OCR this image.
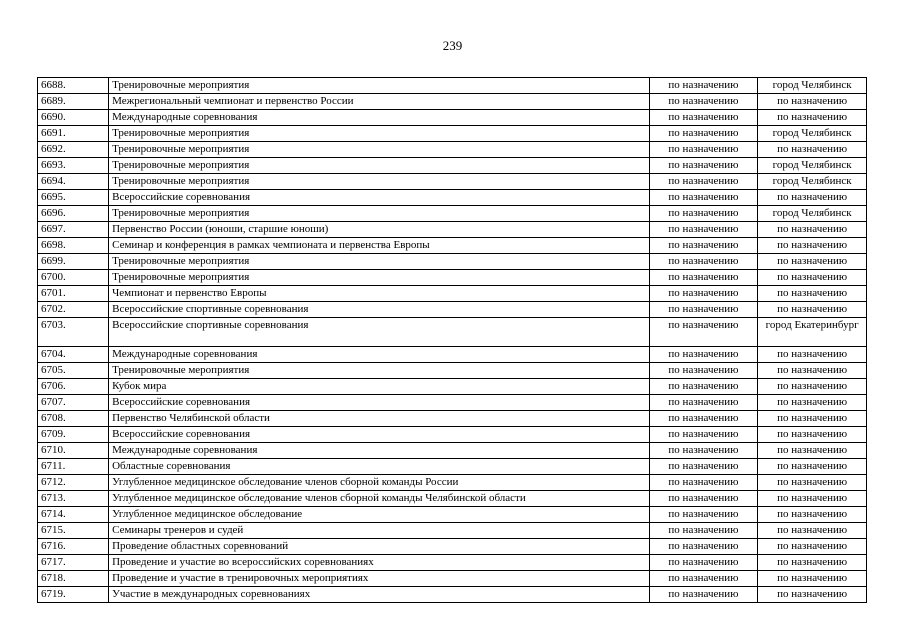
239
6688.	Тренировочные мероприятия	по назначению	город Челябинск
6689.	Межрегиональный чемпионат и первенство России	по назначению	по назначению
6690.	Международные соревнования	по назначению	по назначению
6691.	Тренировочные мероприятия	по назначению	город Челябинск
6692.	Тренировочные мероприятия	по назначению	по назначению
6693.	Тренировочные мероприятия	по назначению	город Челябинск
6694.	Тренировочные мероприятия	по назначению	город Челябинск
6695.	Всероссийские соревнования	по назначению	по назначению
6696.	Тренировочные мероприятия	по назначению	город Челябинск
6697.	Первенство России (юноши, старшие юноши)	по назначению	по назначению
6698.	Семинар и конференция в рамках чемпионата и первенства Европы	по назначению	по назначению
6699.	Тренировочные мероприятия	по назначению	по назначению
6700.	Тренировочные мероприятия	по назначению	по назначению
6701.	Чемпионат и первенство Европы	по назначению	по назначению
6702.	Всероссийские спортивные соревнования	по назначению	по назначению
6703.	Всероссийские спортивные соревнования	по назначению	город Екатеринбург
6704.	Международные соревнования	по назначению	по назначению
6705.	Тренировочные мероприятия	по назначению	по назначению
6706.	Кубок мира	по назначению	по назначению
6707.	Всероссийские соревнования	по назначению	по назначению
6708.	Первенство Челябинской области	по назначению	по назначению
6709.	Всероссийские соревнования	по назначению	по назначению
6710.	Международные соревнования	по назначению	по назначению
6711.	Областные соревнования	по назначению	по назначению
6712.	Углубленное медицинское обследование членов сборной команды России	по назначению	по назначению
6713.	Углубленное медицинское обследование членов сборной команды Челябинской области	по назначению	по назначению
6714.	Углубленное медицинское обследование	по назначению	по назначению
6715.	Семинары тренеров и судей	по назначению	по назначению
6716.	Проведение областных соревнований	по назначению	по назначению
6717.	Проведение и участие во всероссийских соревнованиях	по назначению	по назначению
6718.	Проведение и участие в тренировочных мероприятиях	по назначению	по назначению
6719.	Участие в международных соревнованиях	по назначению	по назначению
